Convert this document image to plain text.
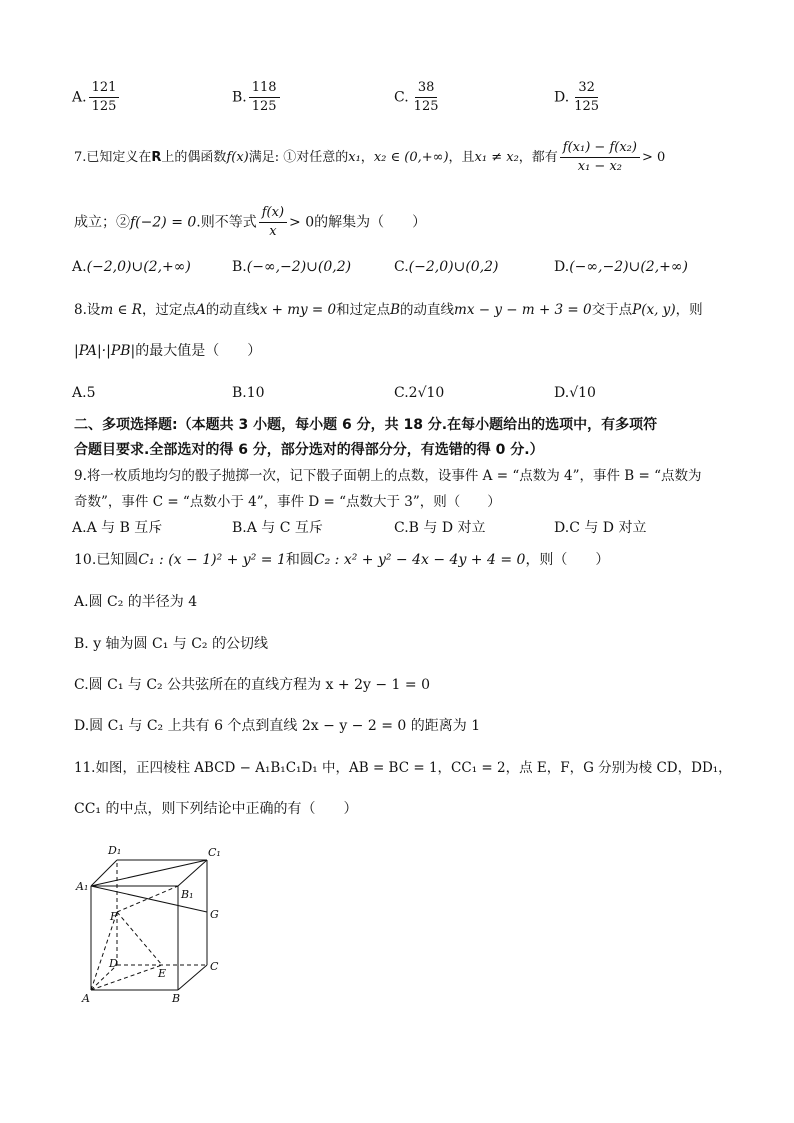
A. $\frac{121}{125}$	B. $\frac{118}{125}$	C. $\frac{38}{125}$	D. $\frac{32}{125}$
7.已知定义在R上的偶函数f(x)满足: ①对任意的x₁，x₂ ∈ (0,+∞)，且x₁ ≠ x₂，都有 $\frac{\text{f(x₁) − f(x₂)}}{\text{x₁ − x₂}} > 0$
成立；②f(−2) = 0.则不等式 $\frac{f(x)}{x} > 0$的解集为（　　）
A.(−2,0)∪(2,+∞)	B.(−∞,−2)∪(0,2)	C.(−2,0)∪(0,2)	D.(−∞,−2)∪(2,+∞)
8.设m ∈ R，过定点A的动直线x + my = 0和过定点B的动直线mx − y − m + 3 = 0交于点P(x, y)，则
|PA|·|PB|的最大值是（　　）
A.5	B.10	C.2√10	D.√10
二、多项选择题:（本题共 3 小题，每小题 6 分，共 18 分.在每小题给出的选项中，有多项符
合题目要求.全部选对的得 6 分，部分选对的得部分分，有选错的得 0 分.）
9.将一枚质地均匀的骰子抛掷一次，记下骰子面朝上的点数，设事件 A = “点数为 4”，事件 B = “点数为
奇数”，事件 C = “点数小于 4”，事件 D = “点数大于 3”，则（　　）
A.A 与 B 互斥	B.A 与 C 互斥	C.B 与 D 对立	D.C 与 D 对立
10.已知圆C₁ : (x − 1)² + y² = 1和圆C₂ : x² + y² − 4x − 4y + 4 = 0，则（　　）
A.圆 C₂ 的半径为 4
B. y 轴为圆 C₁ 与 C₂ 的公切线
C.圆 C₁ 与 C₂ 公共弦所在的直线方程为 x + 2y − 1 = 0
D.圆 C₁ 与 C₂ 上共有 6 个点到直线 2x − y − 2 = 0 的距离为 1
11.如图，正四棱柱 ABCD − A₁B₁C₁D₁ 中，AB = BC = 1，CC₁ = 2，点 E，F，G 分别为棱 CD，DD₁，
CC₁ 的中点，则下列结论中正确的有（　　）
D₁	C₁
A₁
B₁
F	G
D
E
C
A	B
